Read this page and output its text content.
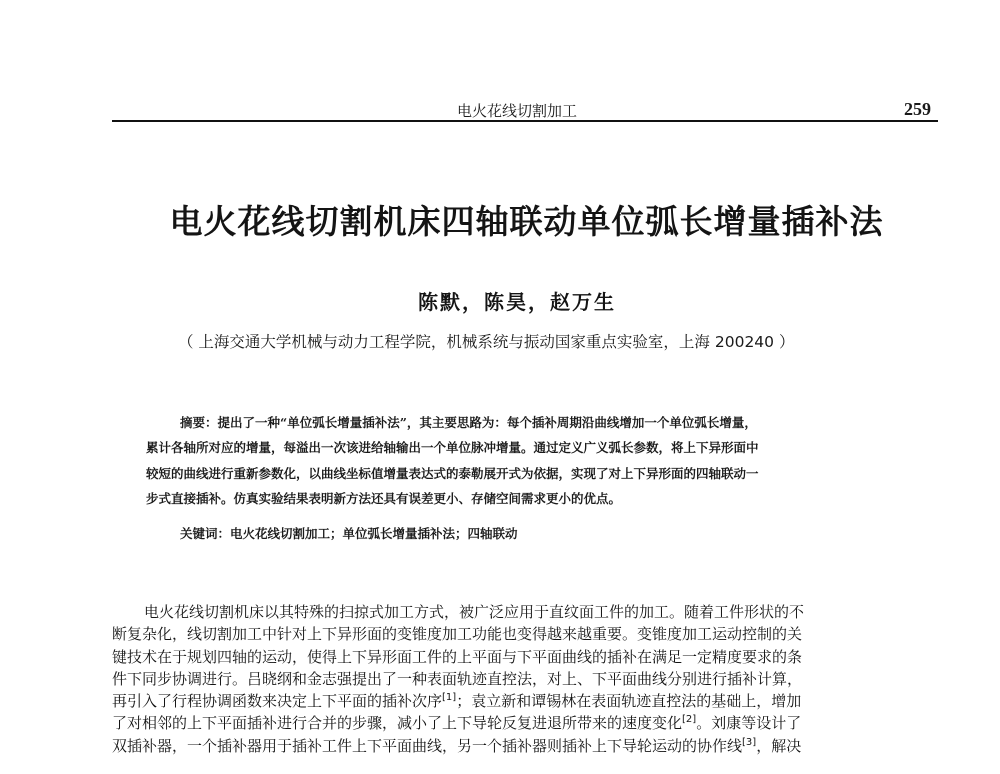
电火花线切割加工	259
电火花线切割机床四轴联动单位弧长增量插补法
陈默，陈昊，赵万生
（ 上海交通大学机械与动力工程学院，机械系统与振动国家重点实验室，上海 200240 ）
摘要：提出了一种“单位弧长增量插补法”，其主要思路为：每个插补周期沿曲线增加一个单位弧长增量，
累计各轴所对应的增量，每溢出一次该进给轴输出一个单位脉冲增量。通过定义广义弧长参数，将上下异形面中
较短的曲线进行重新参数化，以曲线坐标值增量表达式的泰勒展开式为依据，实现了对上下异形面的四轴联动一
步式直接插补。仿真实验结果表明新方法还具有误差更小、存储空间需求更小的优点。
关键词：电火花线切割加工；单位弧长增量插补法；四轴联动
电火花线切割机床以其特殊的扫掠式加工方式，被广泛应用于直纹面工件的加工。随着工件形状的不
断复杂化，线切割加工中针对上下异形面的变锥度加工功能也变得越来越重要。变锥度加工运动控制的关
键技术在于规划四轴的运动，使得上下异形面工件的上平面与下平面曲线的插补在满足一定精度要求的条
件下同步协调进行。吕晓纲和金志强提出了一种表面轨迹直控法，对上、下平面曲线分别进行插补计算，
再引入了行程协调函数来决定上下平面的插补次序[1]；袁立新和谭锡林在表面轨迹直控法的基础上，增加
了对相邻的上下平面插补进行合并的步骤，减小了上下导轮反复进退所带来的速度变化[2]。刘康等设计了
双插补器，一个插补器用于插补工件上下平面曲线，另一个插补器则插补上下导轮运动的协作线[3]，解决
